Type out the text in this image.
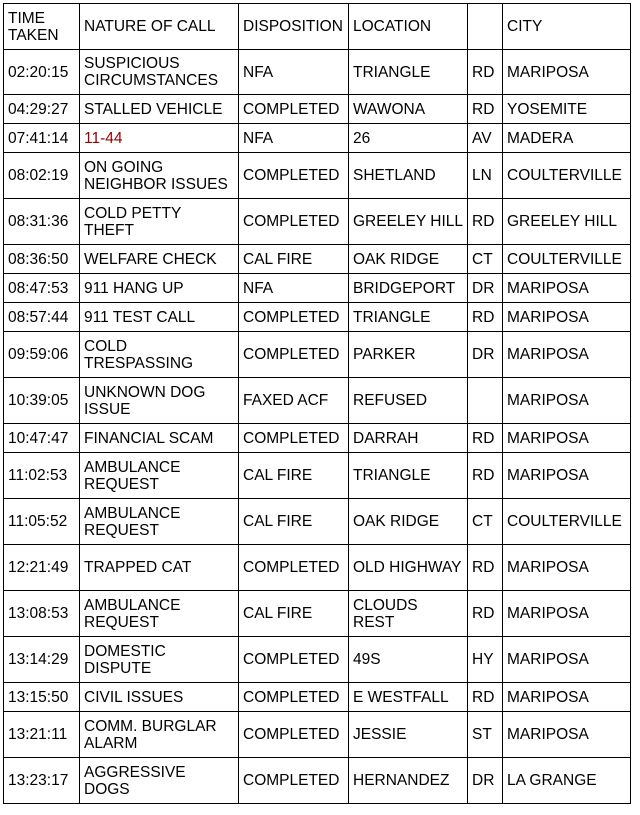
TIME TAKEN	NATURE OF CALL	DISPOSITION	LOCATION		CITY
02:20:15	SUSPICIOUS CIRCUMSTANCES	NFA	TRIANGLE	RD	MARIPOSA
04:29:27	STALLED VEHICLE	COMPLETED	WAWONA	RD	YOSEMITE
07:41:14	11-44	NFA	26	AV	MADERA
08:02:19	ON GOING NEIGHBOR ISSUES	COMPLETED	SHETLAND	LN	COULTERVILLE
08:31:36	COLD PETTY THEFT	COMPLETED	GREELEY HILL	RD	GREELEY HILL
08:36:50	WELFARE CHECK	CAL FIRE	OAK RIDGE	CT	COULTERVILLE
08:47:53	911 HANG UP	NFA	BRIDGEPORT	DR	MARIPOSA
08:57:44	911 TEST CALL	COMPLETED	TRIANGLE	RD	MARIPOSA
09:59:06	COLD TRESPASSING	COMPLETED	PARKER	DR	MARIPOSA
10:39:05	UNKNOWN DOG ISSUE	FAXED ACF	REFUSED		MARIPOSA
10:47:47	FINANCIAL SCAM	COMPLETED	DARRAH	RD	MARIPOSA
11:02:53	AMBULANCE REQUEST	CAL FIRE	TRIANGLE	RD	MARIPOSA
11:05:52	AMBULANCE REQUEST	CAL FIRE	OAK RIDGE	CT	COULTERVILLE
12:21:49	TRAPPED CAT	COMPLETED	OLD HIGHWAY	RD	MARIPOSA
13:08:53	AMBULANCE REQUEST	CAL FIRE	CLOUDS REST	RD	MARIPOSA
13:14:29	DOMESTIC DISPUTE	COMPLETED	49S	HY	MARIPOSA
13:15:50	CIVIL ISSUES	COMPLETED	E WESTFALL	RD	MARIPOSA
13:21:11	COMM. BURGLAR ALARM	COMPLETED	JESSIE	ST	MARIPOSA
13:23:17	AGGRESSIVE DOGS	COMPLETED	HERNANDEZ	DR	LA GRANGE
